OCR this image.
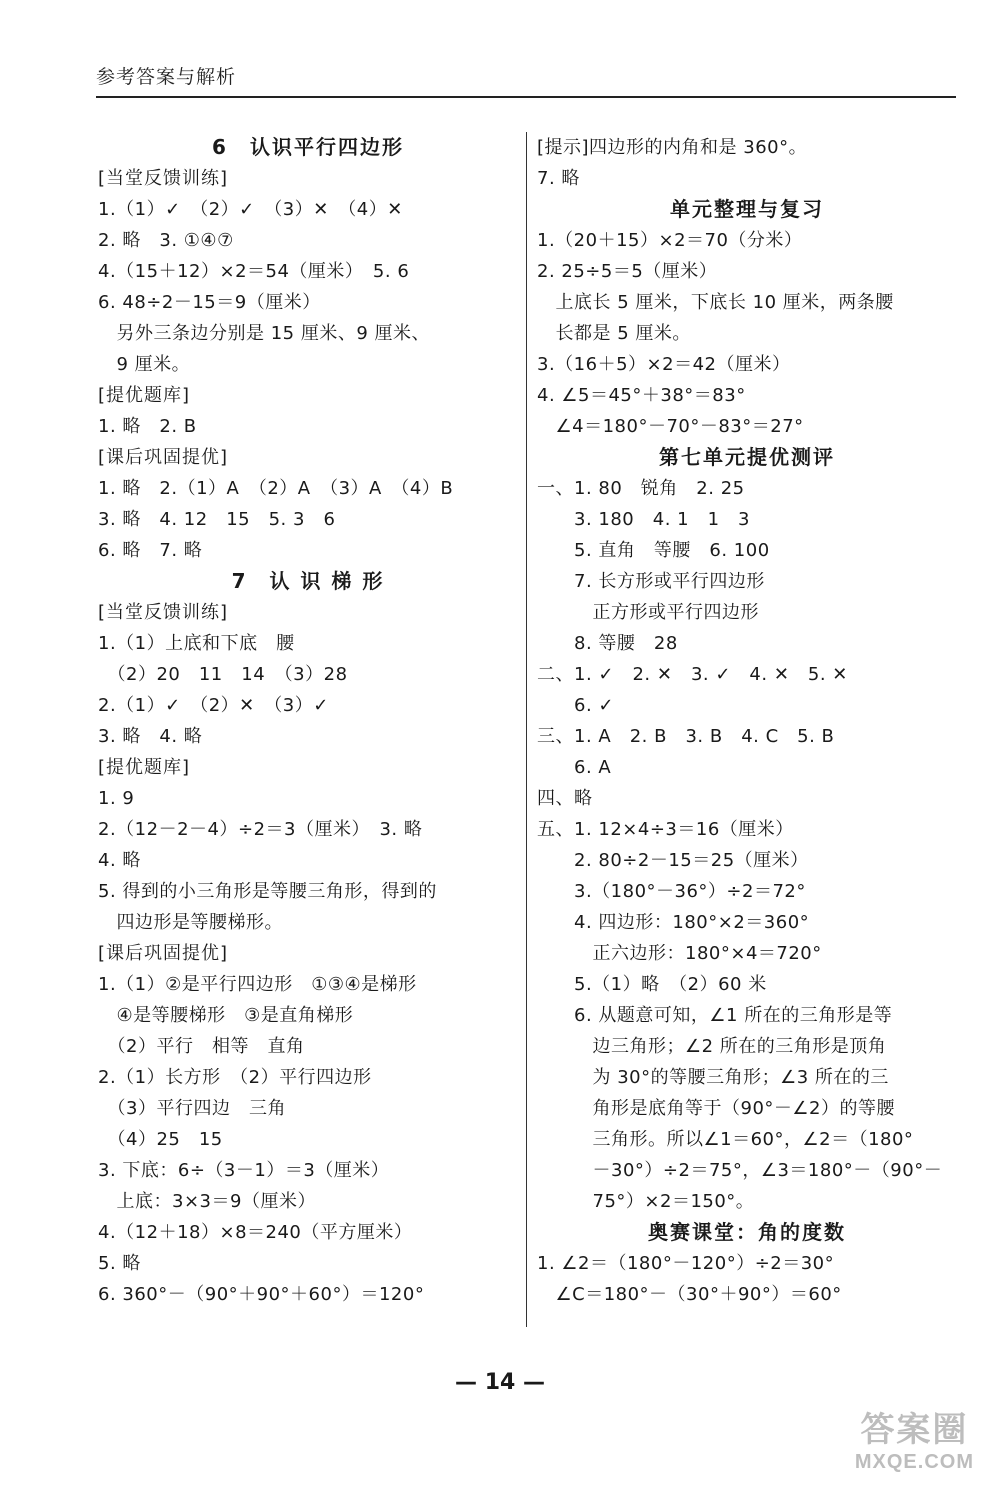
参考答案与解析
6　认识平行四边形
[当堂反馈训练]
1.（1）✓　（2）✓　（3）✕　（4）✕
2. 略　3. ①④⑦
4.（15＋12）×2＝54（厘米）　5. 6
6. 48÷2－15＝9（厘米）
　另外三条边分别是 15 厘米、9 厘米、
　9 厘米。
[提优题库]
1. 略　2. B
[课后巩固提优]
1. 略　2.（1）A　（2）A　（3）A　（4）B
3. 略　4. 12　15　5. 3　6
6. 略　7. 略
7　认 识 梯 形
[当堂反馈训练]
1.（1）上底和下底　腰
　（2）20　11　14　（3）28
2.（1）✓　（2）✕　（3）✓
3. 略　4. 略
[提优题库]
1. 9
2.（12－2－4）÷2＝3（厘米）　3. 略
4. 略
5. 得到的小三角形是等腰三角形，得到的
　四边形是等腰梯形。
[课后巩固提优]
1.（1）②是平行四边形　①③④是梯形
　④是等腰梯形　③是直角梯形
　（2）平行　相等　直角
2.（1）长方形　（2）平行四边形
　（3）平行四边　三角
　（4）25　15
3. 下底：6÷（3－1）＝3（厘米）
　上底：3×3＝9（厘米）
4.（12＋18）×8＝240（平方厘米）
5. 略
6. 360°－（90°＋90°＋60°）＝120°
[提示]四边形的内角和是 360°。
7. 略
单元整理与复习
1.（20＋15）×2＝70（分米）
2. 25÷5＝5（厘米）
　上底长 5 厘米，下底长 10 厘米，两条腰
　长都是 5 厘米。
3.（16＋5）×2＝42（厘米）
4. ∠5＝45°＋38°＝83°
　∠4＝180°－70°－83°＝27°
第七单元提优测评
一、1. 80　锐角　2. 25
　　3. 180　4. 1　1　3
　　5. 直角　等腰　6. 100
　　7. 长方形或平行四边形
　　　正方形或平行四边形
　　8. 等腰　28
二、1. ✓　2. ✕　3. ✓　4. ✕　5. ✕
　　6. ✓
三、1. A　2. B　3. B　4. C　5. B
　　6. A
四、略
五、1. 12×4÷3＝16（厘米）
　　2. 80÷2－15＝25（厘米）
　　3.（180°－36°）÷2＝72°
　　4. 四边形：180°×2＝360°
　　　正六边形：180°×4＝720°
　　5.（1）略　（2）60 米
　　6. 从题意可知，∠1 所在的三角形是等
　　　边三角形；∠2 所在的三角形是顶角
　　　为 30°的等腰三角形；∠3 所在的三
　　　角形是底角等于（90°－∠2）的等腰
　　　三角形。所以∠1＝60°，∠2＝（180°
　　　－30°）÷2＝75°，∠3＝180°－（90°－
　　　75°）×2＝150°。
奥赛课堂：角的度数
1. ∠2＝（180°－120°）÷2＝30°
　∠C＝180°－（30°＋90°）＝60°
— 14 —
答案圈
MXQE.COM
